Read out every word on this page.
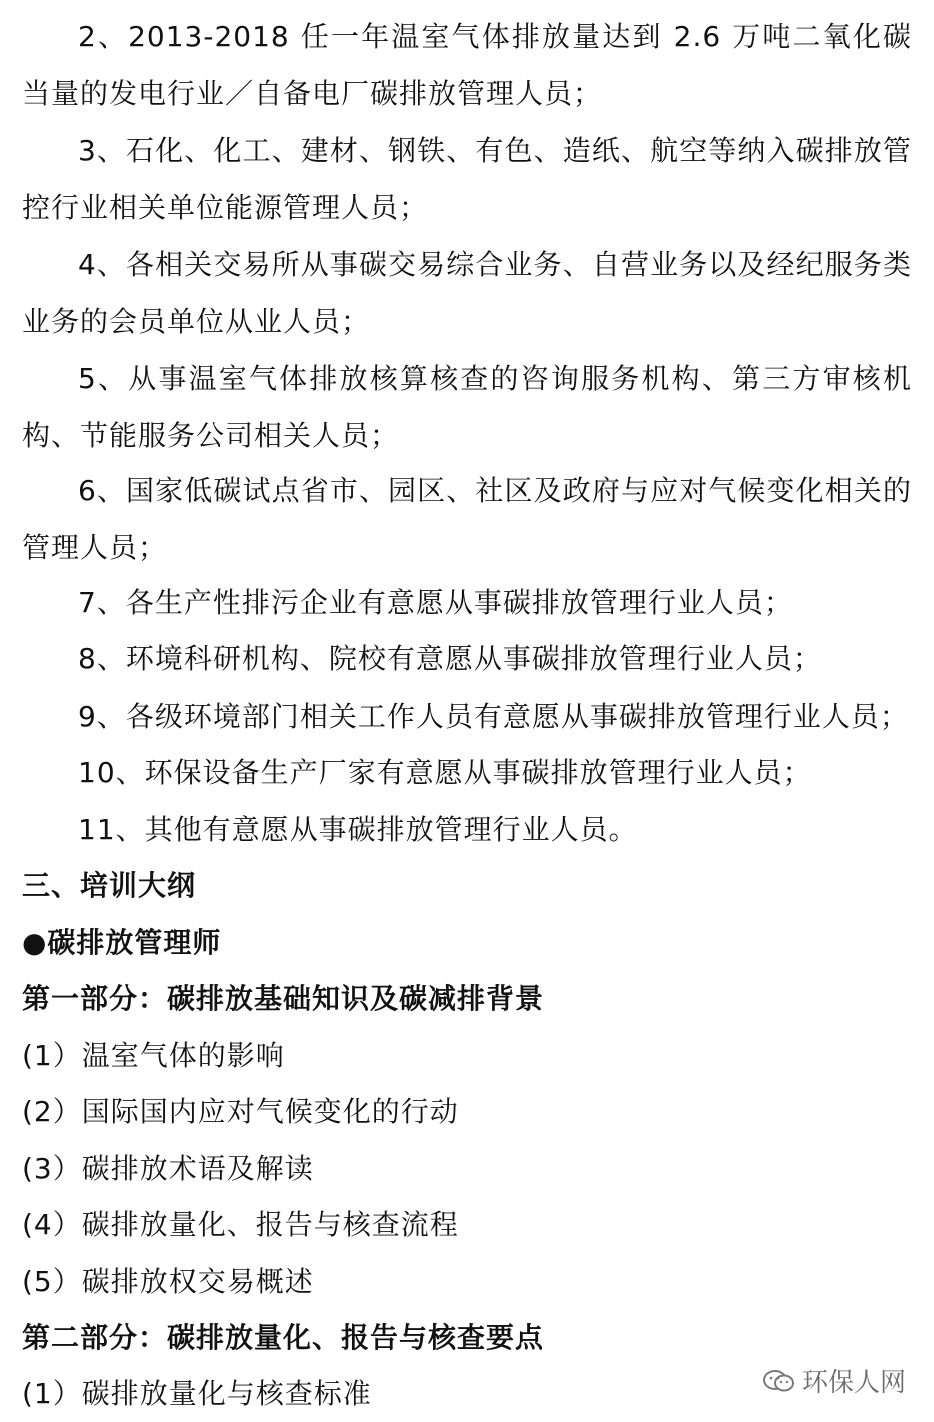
2、2013-2018 任一年温室气体排放量达到 2.6 万吨二氧化碳当量的发电行业／自备电厂碳排放管理人员；
3、石化、化工、建材、钢铁、有色、造纸、航空等纳入碳排放管控行业相关单位能源管理人员；
4、各相关交易所从事碳交易综合业务、自营业务以及经纪服务类业务的会员单位从业人员；
5、从事温室气体排放核算核查的咨询服务机构、第三方审核机构、节能服务公司相关人员；
6、国家低碳试点省市、园区、社区及政府与应对气候变化相关的管理人员；
7、各生产性排污企业有意愿从事碳排放管理行业人员；
8、环境科研机构、院校有意愿从事碳排放管理行业人员；
9、各级环境部门相关工作人员有意愿从事碳排放管理行业人员；
10、环保设备生产厂家有意愿从事碳排放管理行业人员；
11、其他有意愿从事碳排放管理行业人员。
三、培训大纲
●碳排放管理师
第一部分：碳排放基础知识及碳减排背景
(1）温室气体的影响
(2）国际国内应对气候变化的行动
(3）碳排放术语及解读
(4）碳排放量化、报告与核查流程
(5）碳排放权交易概述
第二部分：碳排放量化、报告与核查要点
(1）碳排放量化与核查标准	环保人网
